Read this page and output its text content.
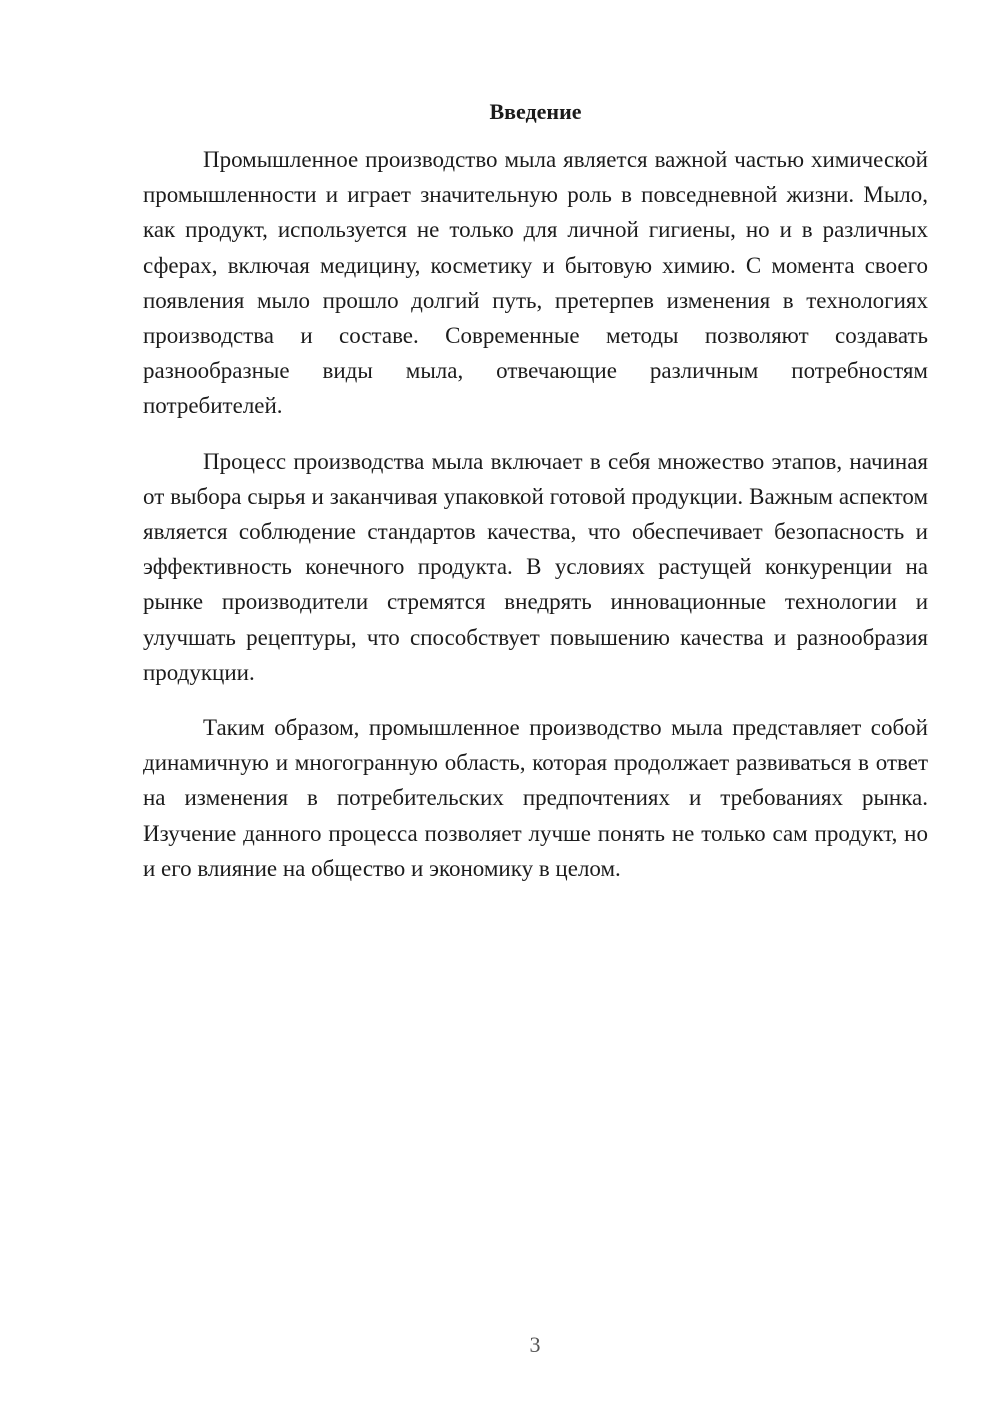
Введение

Промышленное производство мыла является важной частью химической промышленности и играет значительную роль в повседневной жизни. Мыло, как продукт, используется не только для личной гигиены, но и в различных сферах, включая медицину, косметику и бытовую химию. С момента своего появления мыло прошло долгий путь, претерпев изменения в технологиях производства и составе. Современные методы позволяют создавать разнообразные виды мыла, отвечающие различным потребностям потребителей.

Процесс производства мыла включает в себя множество этапов, начиная от выбора сырья и заканчивая упаковкой готовой продукции. Важным аспектом является соблюдение стандартов качества, что обеспечивает безопасность и эффективность конечного продукта. В условиях растущей конкуренции на рынке производители стремятся внедрять инновационные технологии и улучшать рецептуры, что способствует повышению качества и разнообразия продукции.

Таким образом, промышленное производство мыла представляет собой динамичную и многогранную область, которая продолжает развиваться в ответ на изменения в потребительских предпочтениях и требованиях рынка. Изучение данного процесса позволяет лучше понять не только сам продукт, но и его влияние на общество и экономику в целом.

3
